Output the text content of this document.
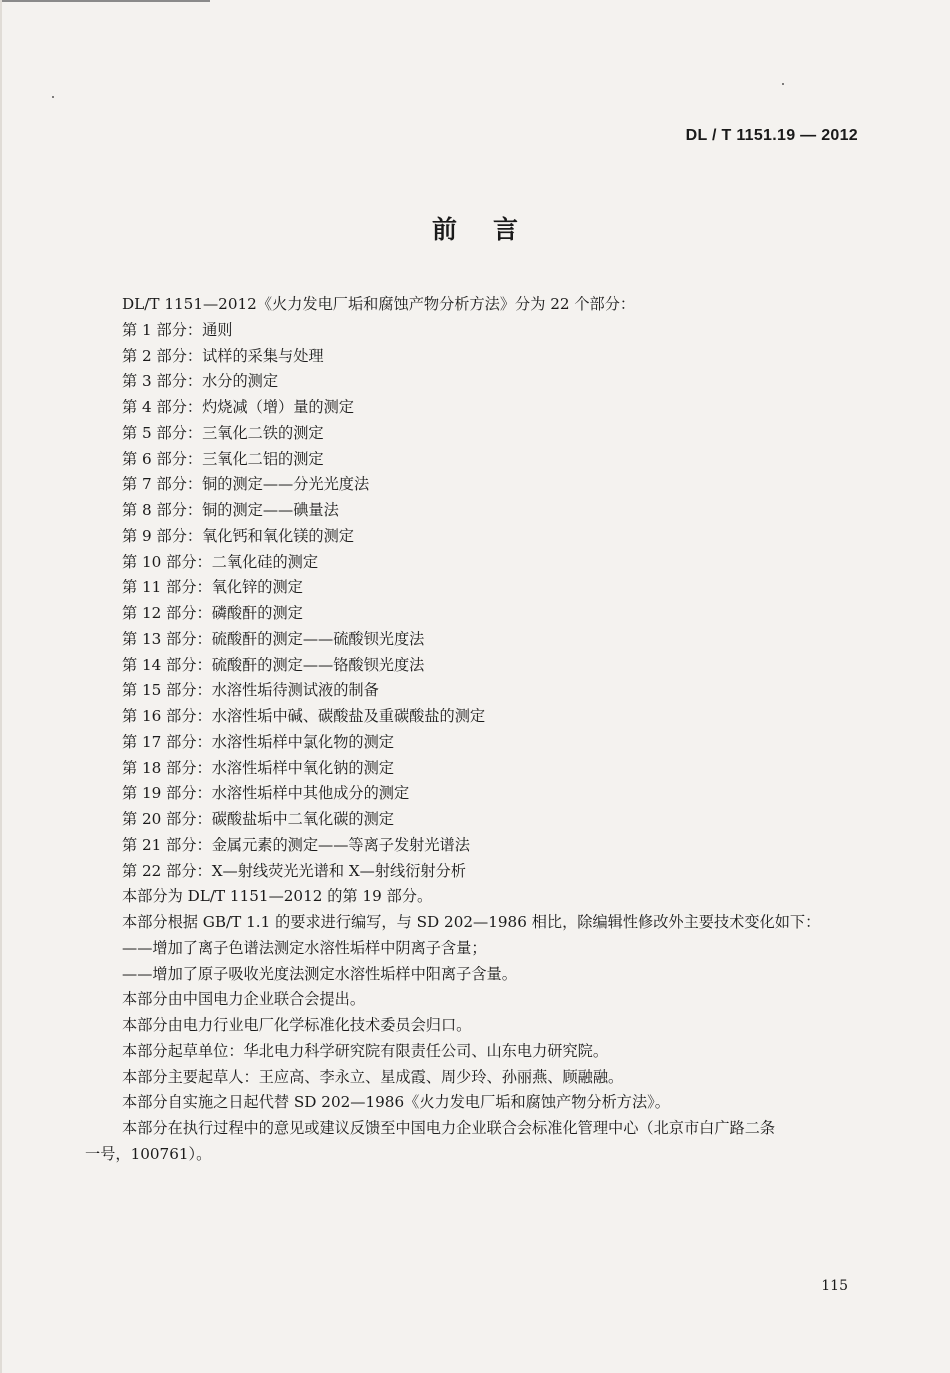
DL / T 1151.19 — 2012
前言
DL/T 1151—2012《火力发电厂垢和腐蚀产物分析方法》分为 22 个部分：
第 1 部分：通则
第 2 部分：试样的采集与处理
第 3 部分：水分的测定
第 4 部分：灼烧减（增）量的测定
第 5 部分：三氧化二铁的测定
第 6 部分：三氧化二铝的测定
第 7 部分：铜的测定——分光光度法
第 8 部分：铜的测定——碘量法
第 9 部分：氧化钙和氧化镁的测定
第 10 部分：二氧化硅的测定
第 11 部分：氧化锌的测定
第 12 部分：磷酸酐的测定
第 13 部分：硫酸酐的测定——硫酸钡光度法
第 14 部分：硫酸酐的测定——铬酸钡光度法
第 15 部分：水溶性垢待测试液的制备
第 16 部分：水溶性垢中碱、碳酸盐及重碳酸盐的测定
第 17 部分：水溶性垢样中氯化物的测定
第 18 部分：水溶性垢样中氧化钠的测定
第 19 部分：水溶性垢样中其他成分的测定
第 20 部分：碳酸盐垢中二氧化碳的测定
第 21 部分：金属元素的测定——等离子发射光谱法
第 22 部分：X—射线荧光光谱和 X—射线衍射分析
本部分为 DL/T 1151—2012 的第 19 部分。
本部分根据 GB/T 1.1 的要求进行编写，与 SD 202—1986 相比，除编辑性修改外主要技术变化如下：
——增加了离子色谱法测定水溶性垢样中阴离子含量；
——增加了原子吸收光度法测定水溶性垢样中阳离子含量。
本部分由中国电力企业联合会提出。
本部分由电力行业电厂化学标准化技术委员会归口。
本部分起草单位：华北电力科学研究院有限责任公司、山东电力研究院。
本部分主要起草人：王应高、李永立、星成霞、周少玲、孙丽燕、顾融融。
本部分自实施之日起代替 SD 202—1986《火力发电厂垢和腐蚀产物分析方法》。
本部分在执行过程中的意见或建议反馈至中国电力企业联合会标准化管理中心（北京市白广路二条
一号，100761）。
115
